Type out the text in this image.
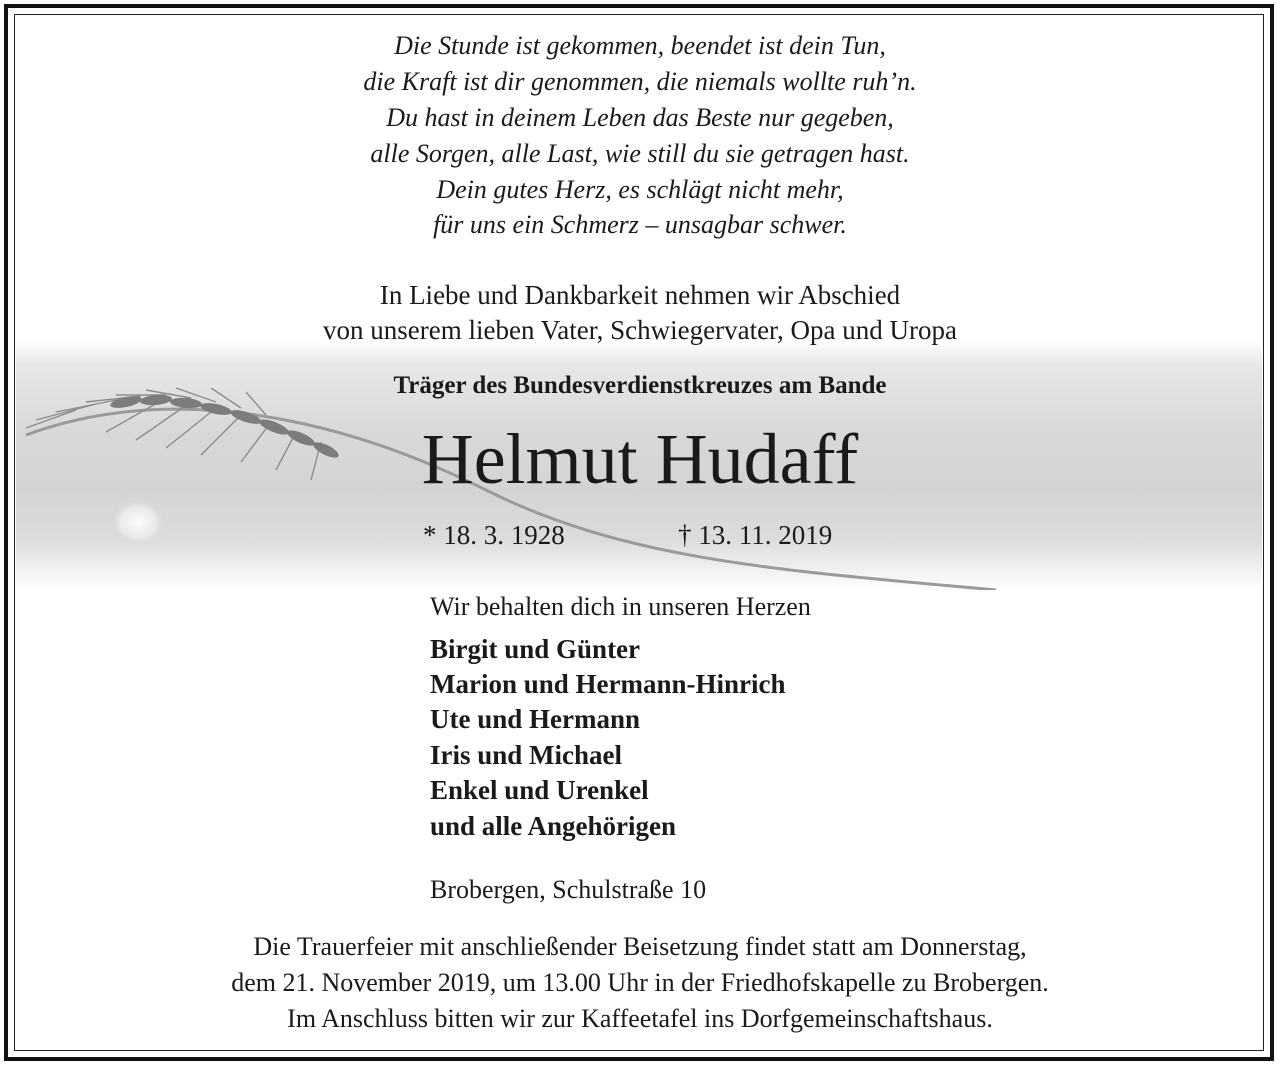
Die Stunde ist gekommen, beendet ist dein Tun,
die Kraft ist dir genommen, die niemals wollte ruh’n.
Du hast in deinem Leben das Beste nur gegeben,
alle Sorgen, alle Last, wie still du sie getragen hast.
Dein gutes Herz, es schlägt nicht mehr,
für uns ein Schmerz – unsagbar schwer.
In Liebe und Dankbarkeit nehmen wir Abschied
von unserem lieben Vater, Schwiegervater, Opa und Uropa
Träger des Bundesverdienstkreuzes am Bande
Helmut Hudaff
* 18. 3. 1928	† 13. 11. 2019
Wir behalten dich in unseren Herzen
Birgit und Günter
Marion und Hermann-Hinrich
Ute und Hermann
Iris und Michael
Enkel und Urenkel
und alle Angehörigen
Brobergen, Schulstraße 10
Die Trauerfeier mit anschließender Beisetzung findet statt am Donnerstag,
dem 21. November 2019, um 13.00 Uhr in der Friedhofskapelle zu Brobergen.
Im Anschluss bitten wir zur Kaffeetafel ins Dorfgemeinschaftshaus.
